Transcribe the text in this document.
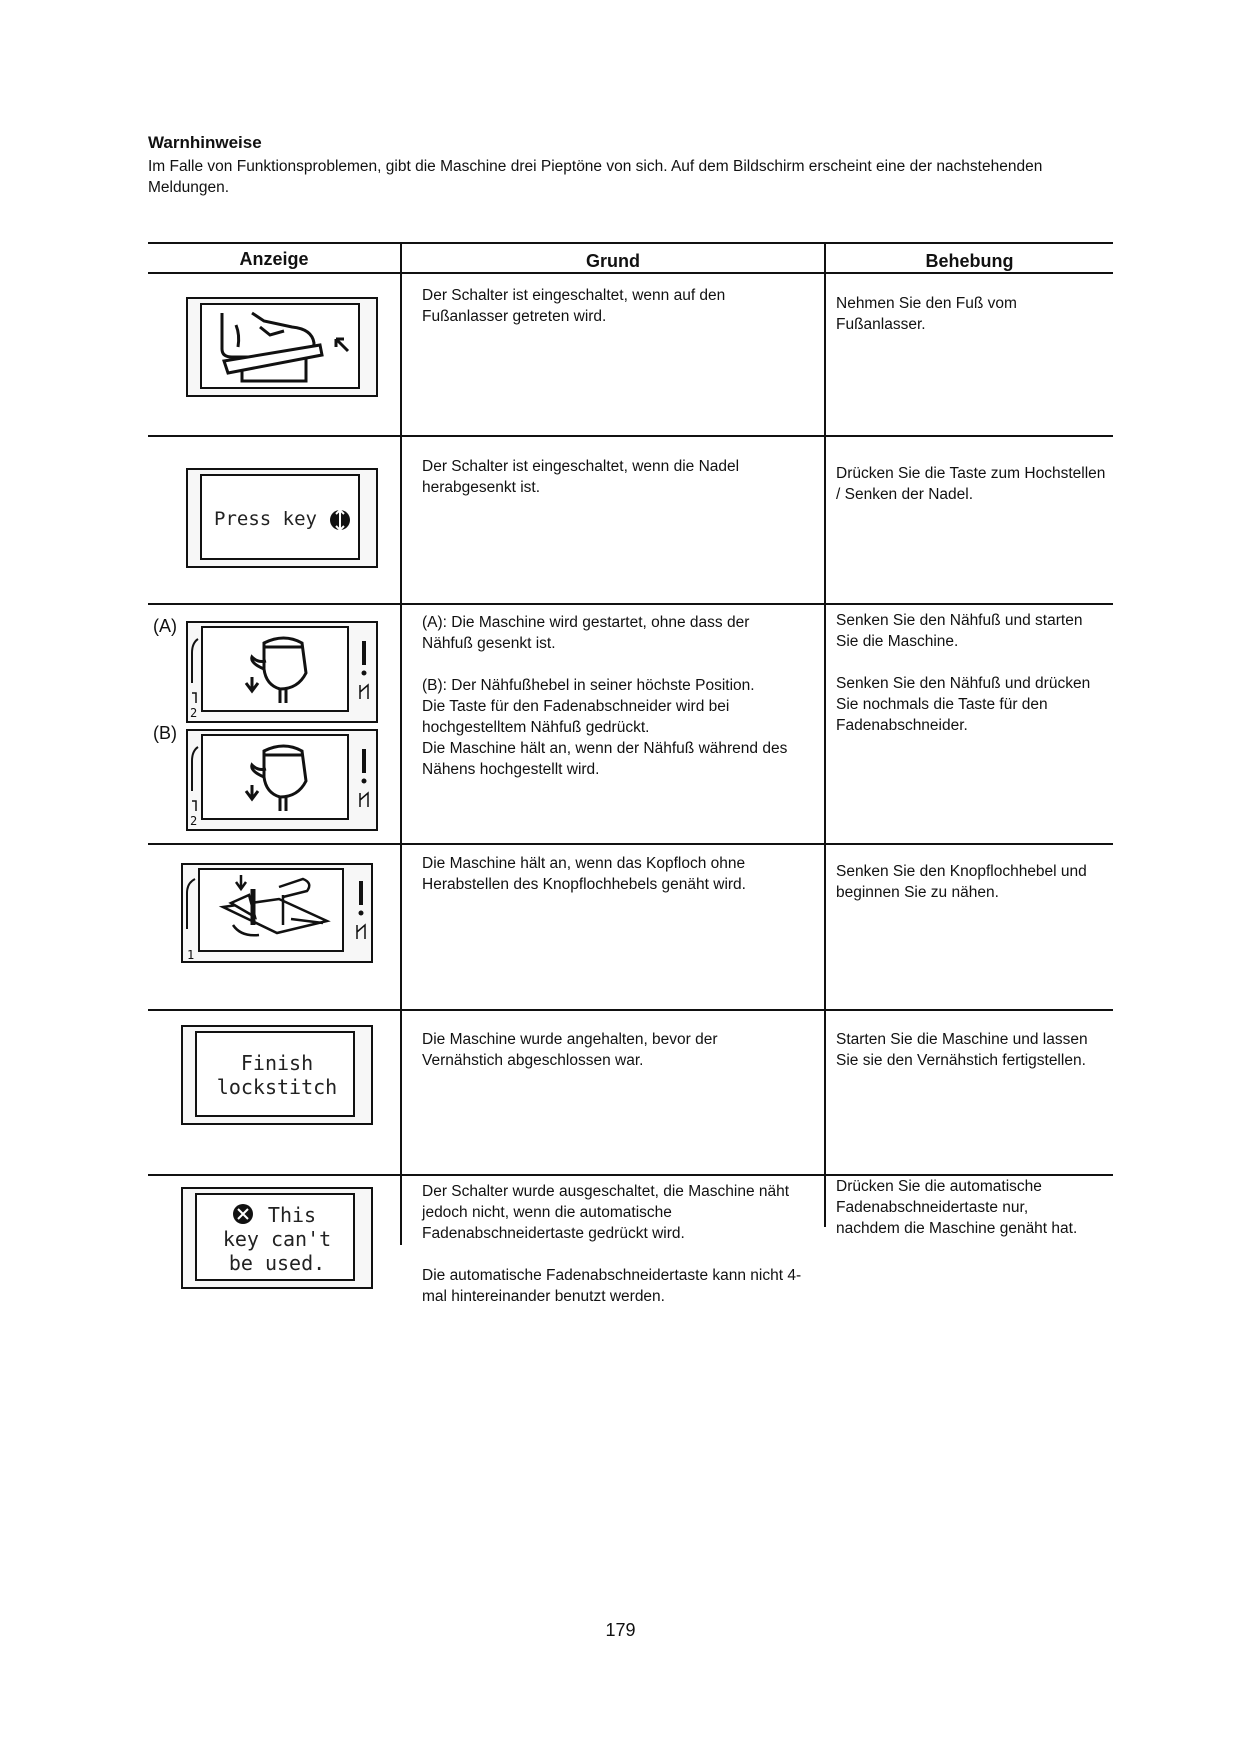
Warnhinweise
Im Falle von Funktionsproblemen, gibt die Maschine drei Pieptöne von sich. Auf dem Bildschirm erscheint eine der nachstehenden Meldungen.
Anzeige	Grund	Behebung

Der Schalter ist eingeschaltet, wenn auf den Fußanlasser getreten wird.

Nehmen Sie den Fuß vom Fußanlasser.

Press key

Der Schalter ist eingeschaltet, wenn die Nadel herabgesenkt ist.

Drücken Sie die Taste zum Hochstellen / Senken der Nadel.

(A)
(B)
2
2

(A): Die Maschine wird gestartet, ohne dass der Nähfuß gesenkt ist.

(B): Der Nähfußhebel in seiner höchste Position.

Die Taste für den Fadenabschneider wird bei hochgestelltem Nähfuß gedrückt.

Die Maschine hält an, wenn der Nähfuß während des Nähens hochgestellt wird.

Senken Sie den Nähfuß und starten Sie die Maschine.

Senken Sie den Nähfuß und drücken Sie nochmals die Taste für den Fadenabschneider.

1

Die Maschine hält an, wenn das Kopfloch ohne Herabstellen des Knopflochhebels genäht wird.

Senken Sie den Knopflochhebel und beginnen Sie zu nähen.

Finish
lockstitch

Die Maschine wurde angehalten, bevor der Vernähstich abgeschlossen war.

Starten Sie die Maschine und lassen Sie sie den Vernähstich fertigstellen.

This
key can't
be used.

Der Schalter wurde ausgeschaltet, die Maschine näht jedoch nicht, wenn die automatische Fadenabschneidertaste gedrückt wird.

Die automatische Fadenabschneidertaste kann nicht 4-mal hintereinander benutzt werden.

Drücken Sie die automatische Fadenabschneidertaste nur, nachdem die Maschine genäht hat.

179
